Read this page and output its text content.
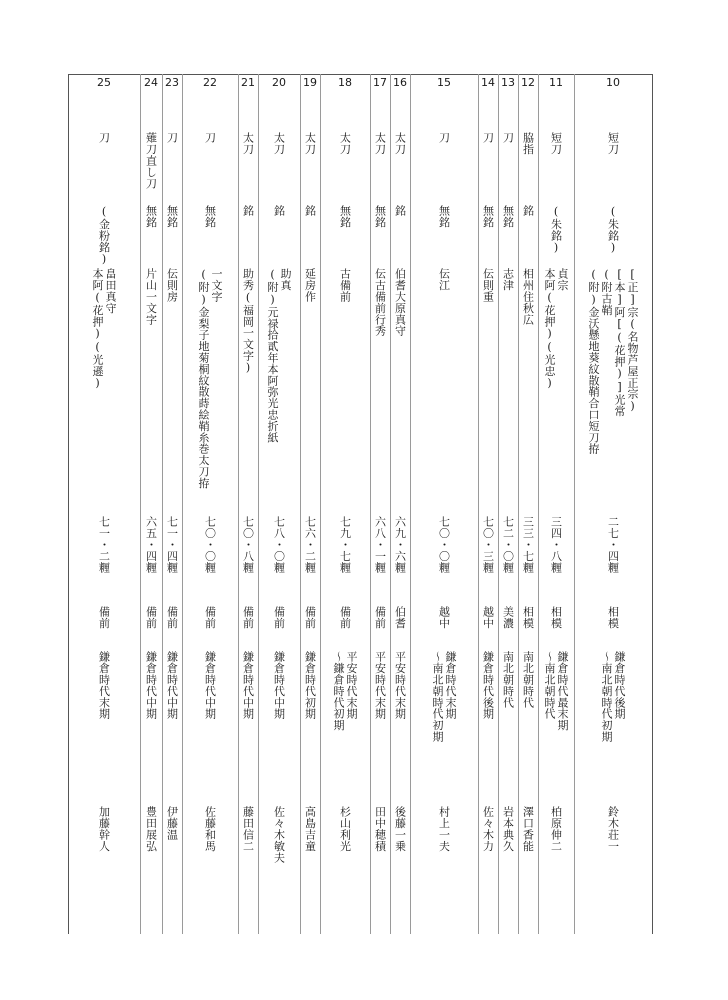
10
短刀
(朱銘)
[正]宗(名物芦屋正宗)
[本]阿[(花押)]光常
(附古鞘
(附)金沃懸地葵紋散鞘合口短刀拵
二七・四糎
相模
鎌倉時代後期
～南北朝時代初期
鈴木荘一
11
短刀
(朱銘)
貞宗
本阿(花押)(光忠)
三四・八糎
相模
鎌倉時代最末期
～南北朝時代
柏原伸二
12
脇指
銘
相州住秋広
三三・七糎
相模
南北朝時代
澤口香能
13
刀
無銘
志津
七二・〇糎
美濃
南北朝時代
岩本典久
14
刀
無銘
伝則重
七〇・三糎
越中
鎌倉時代後期
佐々木力
15
刀
無銘
伝江
七〇・〇糎
越中
鎌倉時代末期
～南北朝時代初期
村上一夫
16
太刀
銘
伯耆大原真守
六九・六糎
伯耆
平安時代末期
後藤一乗
17
太刀
無銘
伝古備前行秀
六八・一糎
備前
平安時代末期
田中穂積
18
太刀
無銘
古備前
七九・七糎
備前
平安時代末期
～鎌倉時代初期
杉山利光
19
太刀
銘
延房作
七六・二糎
備前
鎌倉時代初期
高島吉童
20
太刀
銘
助真
(附)元禄拾貳年本阿弥光忠折紙
七八・〇糎
備前
鎌倉時代中期
佐々木敏夫
21
太刀
銘
助秀(福岡一文字)
七〇・八糎
備前
鎌倉時代中期
藤田信二
22
刀
無銘
一文字
(附)金梨子地菊桐紋散蒔絵鞘糸巻太刀拵
七〇・〇糎
備前
鎌倉時代中期
佐藤和馬
23
刀
無銘
伝則房
七一・四糎
備前
鎌倉時代中期
伊藤温
24
薙刀直し刀
無銘
片山一文字
六五・四糎
備前
鎌倉時代中期
豊田展弘
25
刀
(金粉銘)
畠田真守
本阿(花押)(光遜)
七一・二糎
備前
鎌倉時代末期
加藤幹人
